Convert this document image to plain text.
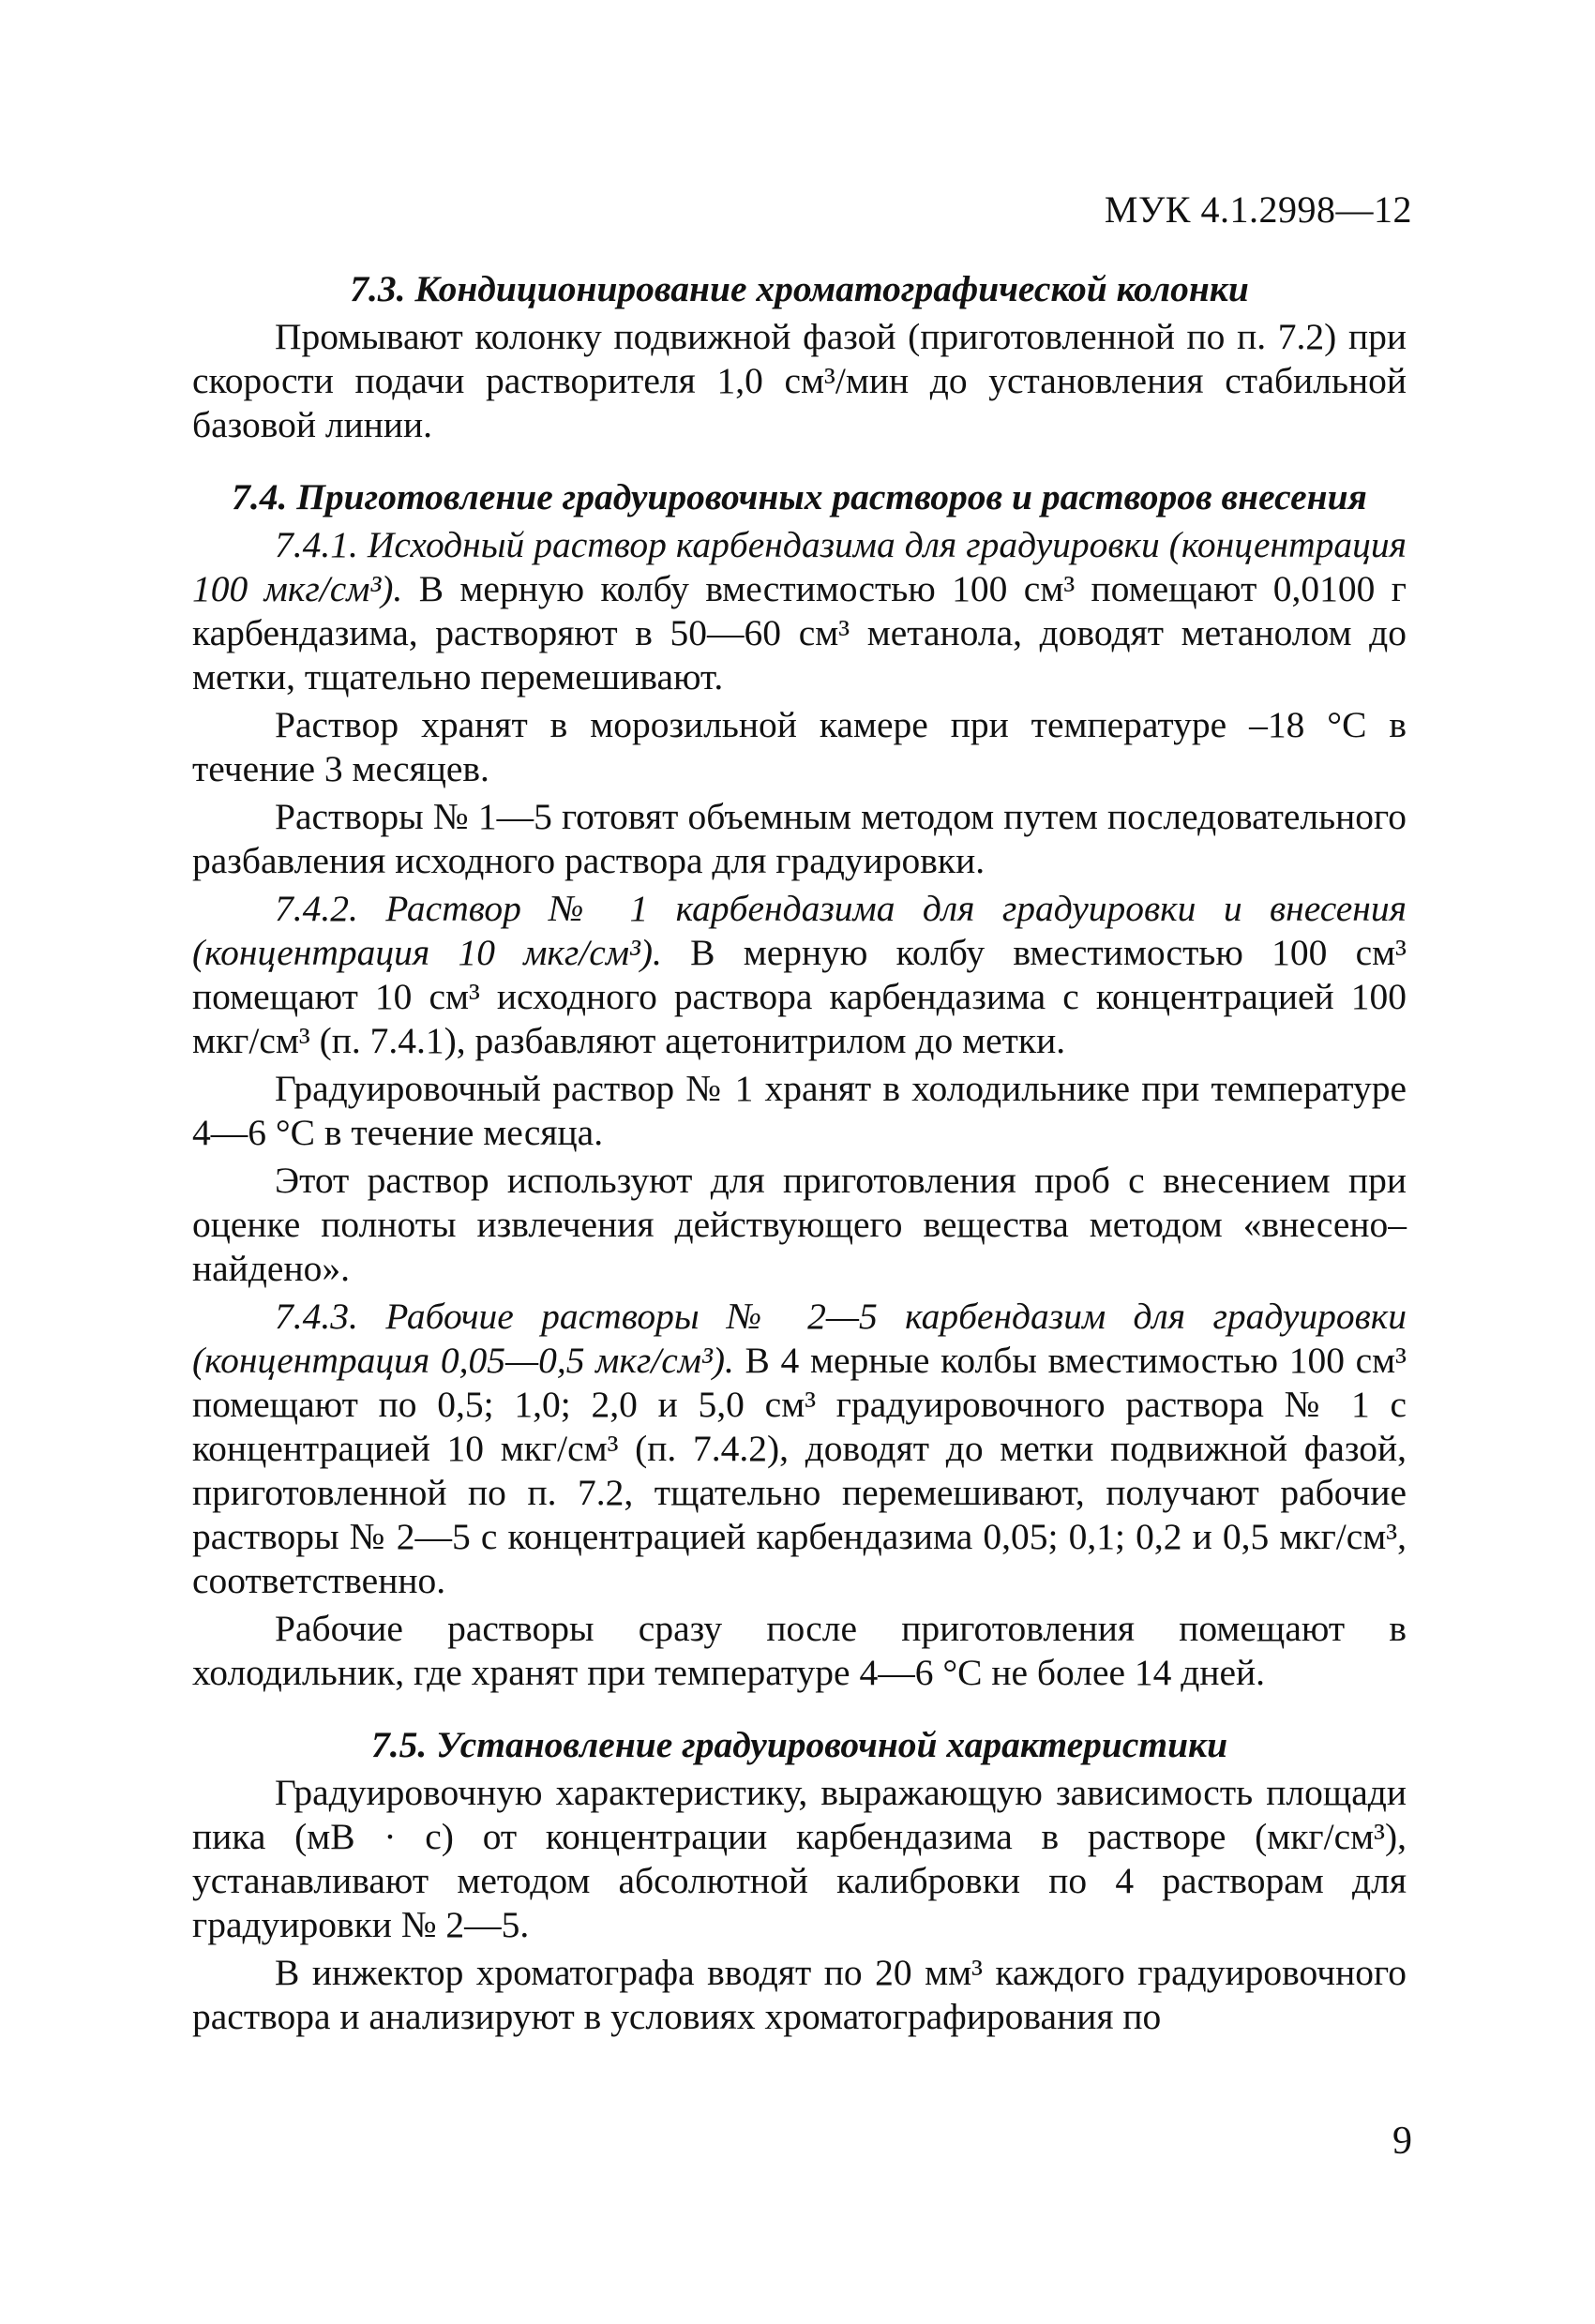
МУК 4.1.2998—12
7.3. Кондиционирование хроматографической колонки

Промывают колонку подвижной фазой (приготовленной по п. 7.2) при скорости подачи растворителя 1,0 см³/мин до установления стабильной базовой линии.

7.4. Приготовление градуировочных растворов и растворов внесения

7.4.1. Исходный раствор карбендазима для градуировки (концентрация 100 мкг/см³). В мерную колбу вместимостью 100 см³ помещают 0,0100 г карбендазима, растворяют в 50—60 см³ метанола, доводят метанолом до метки, тщательно перемешивают.

Раствор хранят в морозильной камере при температуре –18 °С в течение 3 месяцев.

Растворы № 1—5 готовят объемным методом путем последовательного разбавления исходного раствора для градуировки.

7.4.2. Раствор № 1 карбендазима для градуировки и внесения (концентрация 10 мкг/см³). В мерную колбу вместимостью 100 см³ помещают 10 см³ исходного раствора карбендазима с концентрацией 100 мкг/см³ (п. 7.4.1), разбавляют ацетонитрилом до метки.

Градуировочный раствор № 1 хранят в холодильнике при температуре 4—6 °С в течение месяца.

Этот раствор используют для приготовления проб с внесением при оценке полноты извлечения действующего вещества методом «внесено–найдено».

7.4.3. Рабочие растворы № 2—5 карбендазим для градуировки (концентрация 0,05—0,5 мкг/см³). В 4 мерные колбы вместимостью 100 см³ помещают по 0,5; 1,0; 2,0 и 5,0 см³ градуировочного раствора № 1 с концентрацией 10 мкг/см³ (п. 7.4.2), доводят до метки подвижной фазой, приготовленной по п. 7.2, тщательно перемешивают, получают рабочие растворы № 2—5 с концентрацией карбендазима 0,05; 0,1; 0,2 и 0,5 мкг/см³, соответственно.

Рабочие растворы сразу после приготовления помещают в холодильник, где хранят при температуре 4—6 °С не более 14 дней.

7.5. Установление градуировочной характеристики

Градуировочную характеристику, выражающую зависимость площади пика (мВ · с) от концентрации карбендазима в растворе (мкг/см³), устанавливают методом абсолютной калибровки по 4 растворам для градуировки № 2—5.

В инжектор хроматографа вводят по 20 мм³ каждого градуировочного раствора и анализируют в условиях хроматографирования по

9
